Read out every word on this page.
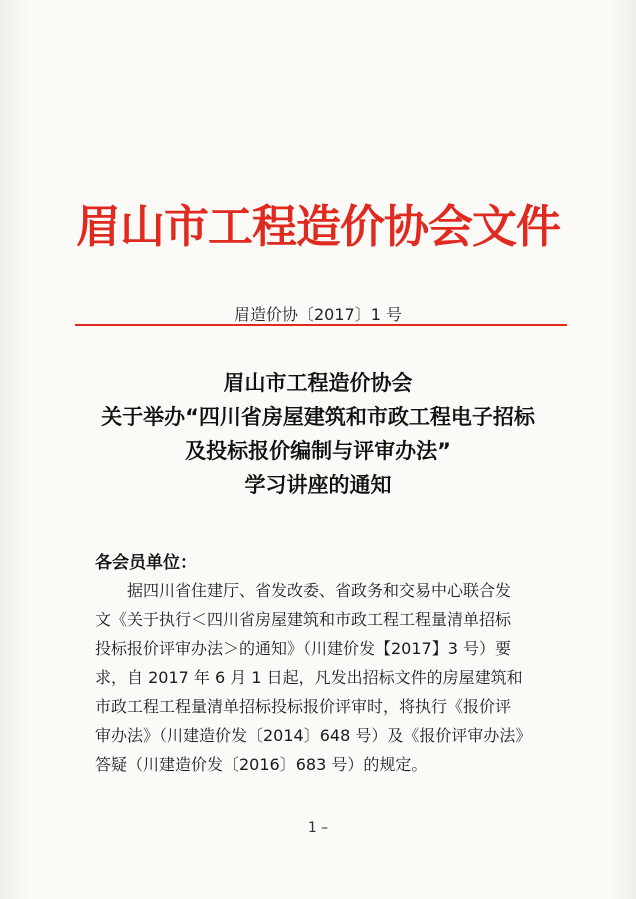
眉山市工程造价协会文件
眉造价协〔2017〕1 号
眉山市工程造价协会
关于举办“四川省房屋建筑和市政工程电子招标
及投标报价编制与评审办法”
学习讲座的通知
各会员单位：
据四川省住建厅、省发改委、省政务和交易中心联合发
文《关于执行＜四川省房屋建筑和市政工程工程量清单招标
投标报价评审办法＞的通知》（川建价发【2017】3 号）要
求，自 2017 年 6 月 1 日起，凡发出招标文件的房屋建筑和
市政工程工程量清单招标投标报价评审时，将执行《报价评
审办法》（川建造价发〔2014〕648 号）及《报价评审办法》
答疑（川建造价发〔2016〕683 号）的规定。
1 –
